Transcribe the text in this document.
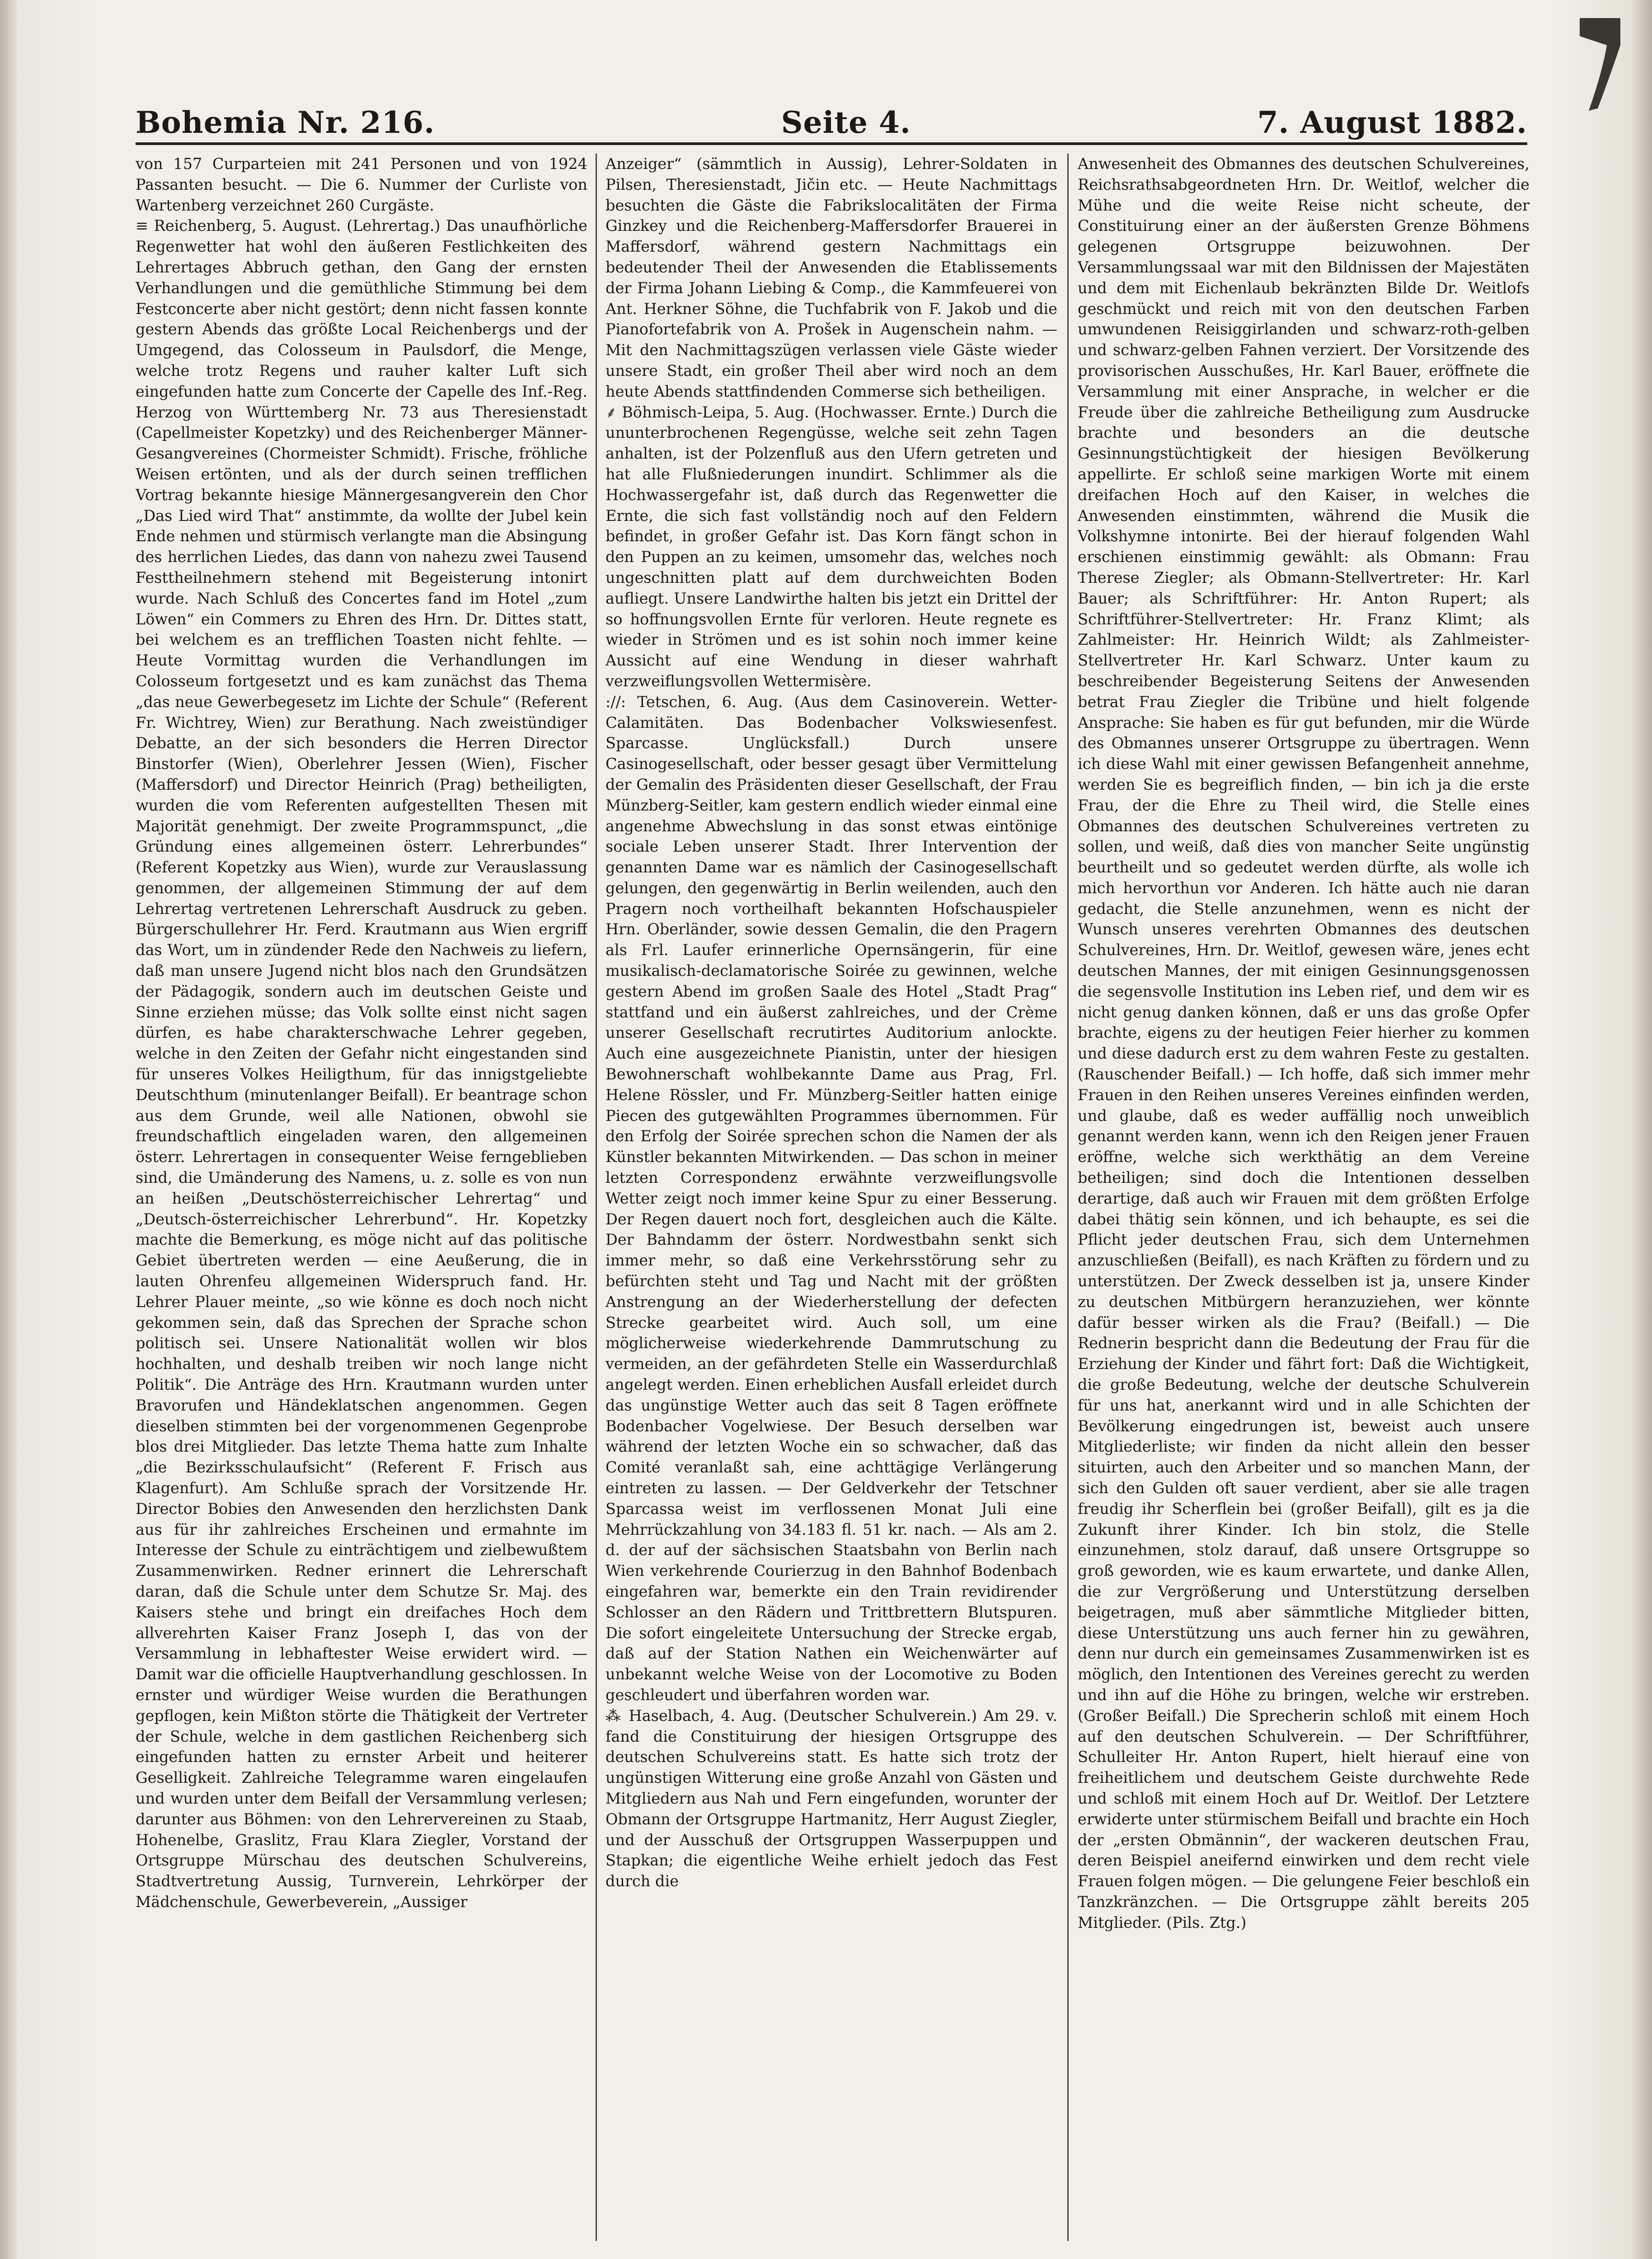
Bohemia Nr. 216.	Seite 4.	7. August 1882.

von 157 Curparteien mit 241 Personen und von 1924 Passanten besucht. — Die 6. Nummer der Curliste von Wartenberg verzeichnet 260 Curgäste.

≡ Reichenberg, 5. August. (Lehrertag.) Das unaufhörliche Regenwetter hat wohl den äußeren Festlichkeiten des Lehrertages Abbruch gethan, den Gang der ernsten Verhandlungen und die gemüthliche Stimmung bei dem Festconcerte aber nicht gestört; denn nicht fassen konnte gestern Abends das größte Local Reichenbergs und der Umgegend, das Colosseum in Paulsdorf, die Menge, welche trotz Regens und rauher kalter Luft sich eingefunden hatte zum Concerte der Capelle des Inf.-Reg. Herzog von Württemberg Nr. 73 aus Theresienstadt (Capellmeister Kopetzky) und des Reichenberger Männer-Gesangvereines (Chormeister Schmidt). Frische, fröhliche Weisen ertönten, und als der durch seinen trefflichen Vortrag bekannte hiesige Männergesangverein den Chor „Das Lied wird That“ anstimmte, da wollte der Jubel kein Ende nehmen und stürmisch verlangte man die Absingung des herrlichen Liedes, das dann von nahezu zwei Tausend Festtheilnehmern stehend mit Begeisterung intonirt wurde. Nach Schluß des Concertes fand im Hotel „zum Löwen“ ein Commers zu Ehren des Hrn. Dr. Dittes statt, bei welchem es an trefflichen Toasten nicht fehlte. — Heute Vormittag wurden die Verhandlungen im Colosseum fortgesetzt und es kam zunächst das Thema „das neue Gewerbegesetz im Lichte der Schule“ (Referent Fr. Wichtrey, Wien) zur Berathung. Nach zweistündiger Debatte, an der sich besonders die Herren Director Binstorfer (Wien), Oberlehrer Jessen (Wien), Fischer (Maffersdorf) und Director Heinrich (Prag) betheiligten, wurden die vom Referenten aufgestellten Thesen mit Majorität genehmigt. Der zweite Programmspunct, „die Gründung eines allgemeinen österr. Lehrerbundes“ (Referent Kopetzky aus Wien), wurde zur Verauslassung genommen, der allgemeinen Stimmung der auf dem Lehrertag vertretenen Lehrerschaft Ausdruck zu geben. Bürgerschullehrer Hr. Ferd. Krautmann aus Wien ergriff das Wort, um in zündender Rede den Nachweis zu liefern, daß man unsere Jugend nicht blos nach den Grundsätzen der Pädagogik, sondern auch im deutschen Geiste und Sinne erziehen müsse; das Volk sollte einst nicht sagen dürfen, es habe charakterschwache Lehrer gegeben, welche in den Zeiten der Gefahr nicht eingestanden sind für unseres Volkes Heiligthum, für das innigstgeliebte Deutschthum (minutenlanger Beifall). Er beantrage schon aus dem Grunde, weil alle Nationen, obwohl sie freundschaftlich eingeladen waren, den allgemeinen österr. Lehrertagen in consequenter Weise ferngeblieben sind, die Umänderung des Namens, u. z. solle es von nun an heißen „Deutschösterreichischer Lehrertag“ und „Deutsch-österreichischer Lehrerbund“. Hr. Kopetzky machte die Bemerkung, es möge nicht auf das politische Gebiet übertreten werden — eine Aeußerung, die in lauten Ohrenfeu allgemeinen Widerspruch fand. Hr. Lehrer Plauer meinte, „so wie könne es doch noch nicht gekommen sein, daß das Sprechen der Sprache schon politisch sei. Unsere Nationalität wollen wir blos hochhalten, und deshalb treiben wir noch lange nicht Politik“. Die Anträge des Hrn. Krautmann wurden unter Bravorufen und Händeklatschen angenommen. Gegen dieselben stimmten bei der vorgenommenen Gegenprobe blos drei Mitglieder. Das letzte Thema hatte zum Inhalte „die Bezirksschulaufsicht“ (Referent F. Frisch aus Klagenfurt). Am Schluße sprach der Vorsitzende Hr. Director Bobies den Anwesenden den herzlichsten Dank aus für ihr zahlreiches Erscheinen und ermahnte im Interesse der Schule zu einträchtigem und zielbewußtem Zusammenwirken. Redner erinnert die Lehrerschaft daran, daß die Schule unter dem Schutze Sr. Maj. des Kaisers stehe und bringt ein dreifaches Hoch dem allverehrten Kaiser Franz Joseph I, das von der Versammlung in lebhaftester Weise erwidert wird. — Damit war die officielle Hauptverhandlung geschlossen. In ernster und würdiger Weise wurden die Berathungen gepflogen, kein Mißton störte die Thätigkeit der Vertreter der Schule, welche in dem gastlichen Reichenberg sich eingefunden hatten zu ernster Arbeit und heiterer Geselligkeit. Zahlreiche Telegramme waren eingelaufen und wurden unter dem Beifall der Versammlung verlesen; darunter aus Böhmen: von den Lehrervereinen zu Staab, Hohenelbe, Graslitz, Frau Klara Ziegler, Vorstand der Ortsgruppe Mürschau des deutschen Schulvereins, Stadtvertretung Aussig, Turnverein, Lehrkörper der Mädchenschule, Gewerbeverein, „Aussiger

Anzeiger“ (sämmtlich in Aussig), Lehrer-Soldaten in Pilsen, Theresienstadt, Jičin etc. — Heute Nachmittags besuchten die Gäste die Fabrikslocalitäten der Firma Ginzkey und die Reichenberg-Maffersdorfer Brauerei in Maffersdorf, während gestern Nachmittags ein bedeutender Theil der Anwesenden die Etablissements der Firma Johann Liebing & Comp., die Kammfeuerei von Ant. Herkner Söhne, die Tuchfabrik von F. Jakob und die Pianofortefabrik von A. Prošek in Augenschein nahm. — Mit den Nachmittagszügen verlassen viele Gäste wieder unsere Stadt, ein großer Theil aber wird noch an dem heute Abends stattfindenden Commerse sich betheiligen.

⸙ Böhmisch-Leipa, 5. Aug. (Hochwasser. Ernte.) Durch die ununterbrochenen Regengüsse, welche seit zehn Tagen anhalten, ist der Polzenfluß aus den Ufern getreten und hat alle Flußniederungen inundirt. Schlimmer als die Hochwassergefahr ist, daß durch das Regenwetter die Ernte, die sich fast vollständig noch auf den Feldern befindet, in großer Gefahr ist. Das Korn fängt schon in den Puppen an zu keimen, umsomehr das, welches noch ungeschnitten platt auf dem durchweichten Boden aufliegt. Unsere Landwirthe halten bis jetzt ein Drittel der so hoffnungsvollen Ernte für verloren. Heute regnete es wieder in Strömen und es ist sohin noch immer keine Aussicht auf eine Wendung in dieser wahrhaft verzweiflungsvollen Wettermisère.

://: Tetschen, 6. Aug. (Aus dem Casinoverein. Wetter-Calamitäten. Das Bodenbacher Volkswiesenfest. Sparcasse. Unglücksfall.) Durch unsere Casinogesellschaft, oder besser gesagt über Vermittelung der Gemalin des Präsidenten dieser Gesellschaft, der Frau Münzberg-Seitler, kam gestern endlich wieder einmal eine angenehme Abwechslung in das sonst etwas eintönige sociale Leben unserer Stadt. Ihrer Intervention der genannten Dame war es nämlich der Casinogesellschaft gelungen, den gegenwärtig in Berlin weilenden, auch den Pragern noch vortheilhaft bekannten Hofschauspieler Hrn. Oberländer, sowie dessen Gemalin, die den Pragern als Frl. Laufer erinnerliche Opernsängerin, für eine musikalisch-declamatorische Soirée zu gewinnen, welche gestern Abend im großen Saale des Hotel „Stadt Prag“ stattfand und ein äußerst zahlreiches, und der Crème unserer Gesellschaft recrutirtes Auditorium anlockte. Auch eine ausgezeichnete Pianistin, unter der hiesigen Bewohnerschaft wohlbekannte Dame aus Prag, Frl. Helene Rössler, und Fr. Münzberg-Seitler hatten einige Piecen des gutgewählten Programmes übernommen. Für den Erfolg der Soirée sprechen schon die Namen der als Künstler bekannten Mitwirkenden. — Das schon in meiner letzten Correspondenz erwähnte verzweiflungsvolle Wetter zeigt noch immer keine Spur zu einer Besserung. Der Regen dauert noch fort, desgleichen auch die Kälte. Der Bahndamm der österr. Nordwestbahn senkt sich immer mehr, so daß eine Verkehrsstörung sehr zu befürchten steht und Tag und Nacht mit der größten Anstrengung an der Wiederherstellung der defecten Strecke gearbeitet wird. Auch soll, um eine möglicherweise wiederkehrende Dammrutschung zu vermeiden, an der gefährdeten Stelle ein Wasserdurchlaß angelegt werden. Einen erheblichen Ausfall erleidet durch das ungünstige Wetter auch das seit 8 Tagen eröffnete Bodenbacher Vogelwiese. Der Besuch derselben war während der letzten Woche ein so schwacher, daß das Comité veranlaßt sah, eine achttägige Verlängerung eintreten zu lassen. — Der Geldverkehr der Tetschner Sparcassa weist im verflossenen Monat Juli eine Mehrrückzahlung von 34.183 fl. 51 kr. nach. — Als am 2. d. der auf der sächsischen Staatsbahn von Berlin nach Wien verkehrende Courierzug in den Bahnhof Bodenbach eingefahren war, bemerkte ein den Train revidirender Schlosser an den Rädern und Trittbrettern Blutspuren. Die sofort eingeleitete Untersuchung der Strecke ergab, daß auf der Station Nathen ein Weichenwärter auf unbekannt welche Weise von der Locomotive zu Boden geschleudert und überfahren worden war.

⁂ Haselbach, 4. Aug. (Deutscher Schulverein.) Am 29. v. fand die Constituirung der hiesigen Ortsgruppe des deutschen Schulvereins statt. Es hatte sich trotz der ungünstigen Witterung eine große Anzahl von Gästen und Mitgliedern aus Nah und Fern eingefunden, worunter der Obmann der Ortsgruppe Hartmanitz, Herr August Ziegler, und der Ausschuß der Ortsgruppen Wasserpuppen und Stapkan; die eigentliche Weihe erhielt jedoch das Fest durch die

Anwesenheit des Obmannes des deutschen Schulvereines, Reichsrathsabgeordneten Hrn. Dr. Weitlof, welcher die Mühe und die weite Reise nicht scheute, der Constituirung einer an der äußersten Grenze Böhmens gelegenen Ortsgruppe beizuwohnen. Der Versammlungssaal war mit den Bildnissen der Majestäten und dem mit Eichenlaub bekränzten Bilde Dr. Weitlofs geschmückt und reich mit von den deutschen Farben umwundenen Reisiggirlanden und schwarz-roth-gelben und schwarz-gelben Fahnen verziert. Der Vorsitzende des provisorischen Ausschußes, Hr. Karl Bauer, eröffnete die Versammlung mit einer Ansprache, in welcher er die Freude über die zahlreiche Betheiligung zum Ausdrucke brachte und besonders an die deutsche Gesinnungstüchtigkeit der hiesigen Bevölkerung appellirte. Er schloß seine markigen Worte mit einem dreifachen Hoch auf den Kaiser, in welches die Anwesenden einstimmten, während die Musik die Volkshymne intonirte. Bei der hierauf folgenden Wahl erschienen einstimmig gewählt: als Obmann: Frau Therese Ziegler; als Obmann-Stellvertreter: Hr. Karl Bauer; als Schriftführer: Hr. Anton Rupert; als Schriftführer-Stellvertreter: Hr. Franz Klimt; als Zahlmeister: Hr. Heinrich Wildt; als Zahlmeister-Stellvertreter Hr. Karl Schwarz. Unter kaum zu beschreibender Begeisterung Seitens der Anwesenden betrat Frau Ziegler die Tribüne und hielt folgende Ansprache: Sie haben es für gut befunden, mir die Würde des Obmannes unserer Ortsgruppe zu übertragen. Wenn ich diese Wahl mit einer gewissen Befangenheit annehme, werden Sie es begreiflich finden, — bin ich ja die erste Frau, der die Ehre zu Theil wird, die Stelle eines Obmannes des deutschen Schulvereines vertreten zu sollen, und weiß, daß dies von mancher Seite ungünstig beurtheilt und so gedeutet werden dürfte, als wolle ich mich hervorthun vor Anderen. Ich hätte auch nie daran gedacht, die Stelle anzunehmen, wenn es nicht der Wunsch unseres verehrten Obmannes des deutschen Schulvereines, Hrn. Dr. Weitlof, gewesen wäre, jenes echt deutschen Mannes, der mit einigen Gesinnungsgenossen die segensvolle Institution ins Leben rief, und dem wir es nicht genug danken können, daß er uns das große Opfer brachte, eigens zu der heutigen Feier hierher zu kommen und diese dadurch erst zu dem wahren Feste zu gestalten. (Rauschender Beifall.) — Ich hoffe, daß sich immer mehr Frauen in den Reihen unseres Vereines einfinden werden, und glaube, daß es weder auffällig noch unweiblich genannt werden kann, wenn ich den Reigen jener Frauen eröffne, welche sich werkthätig an dem Vereine betheiligen; sind doch die Intentionen desselben derartige, daß auch wir Frauen mit dem größten Erfolge dabei thätig sein können, und ich behaupte, es sei die Pflicht jeder deutschen Frau, sich dem Unternehmen anzuschließen (Beifall), es nach Kräften zu fördern und zu unterstützen. Der Zweck desselben ist ja, unsere Kinder zu deutschen Mitbürgern heranzuziehen, wer könnte dafür besser wirken als die Frau? (Beifall.) — Die Rednerin bespricht dann die Bedeutung der Frau für die Erziehung der Kinder und fährt fort: Daß die Wichtigkeit, die große Bedeutung, welche der deutsche Schulverein für uns hat, anerkannt wird und in alle Schichten der Bevölkerung eingedrungen ist, beweist auch unsere Mitgliederliste; wir finden da nicht allein den besser situirten, auch den Arbeiter und so manchen Mann, der sich den Gulden oft sauer verdient, aber sie alle tragen freudig ihr Scherflein bei (großer Beifall), gilt es ja die Zukunft ihrer Kinder. Ich bin stolz, die Stelle einzunehmen, stolz darauf, daß unsere Ortsgruppe so groß geworden, wie es kaum erwartete, und danke Allen, die zur Vergrößerung und Unterstützung derselben beigetragen, muß aber sämmtliche Mitglieder bitten, diese Unterstützung uns auch ferner hin zu gewähren, denn nur durch ein gemeinsames Zusammenwirken ist es möglich, den Intentionen des Vereines gerecht zu werden und ihn auf die Höhe zu bringen, welche wir erstreben. (Großer Beifall.) Die Sprecherin schloß mit einem Hoch auf den deutschen Schulverein. — Der Schriftführer, Schulleiter Hr. Anton Rupert, hielt hierauf eine von freiheitlichem und deutschem Geiste durchwehte Rede und schloß mit einem Hoch auf Dr. Weitlof. Der Letztere erwiderte unter stürmischem Beifall und brachte ein Hoch der „ersten Obmännin“, der wackeren deutschen Frau, deren Beispiel aneifernd einwirken und dem recht viele Frauen folgen mögen. — Die gelungene Feier beschloß ein Tanzkränzchen. — Die Ortsgruppe zählt bereits 205 Mitglieder. (Pils. Ztg.)
